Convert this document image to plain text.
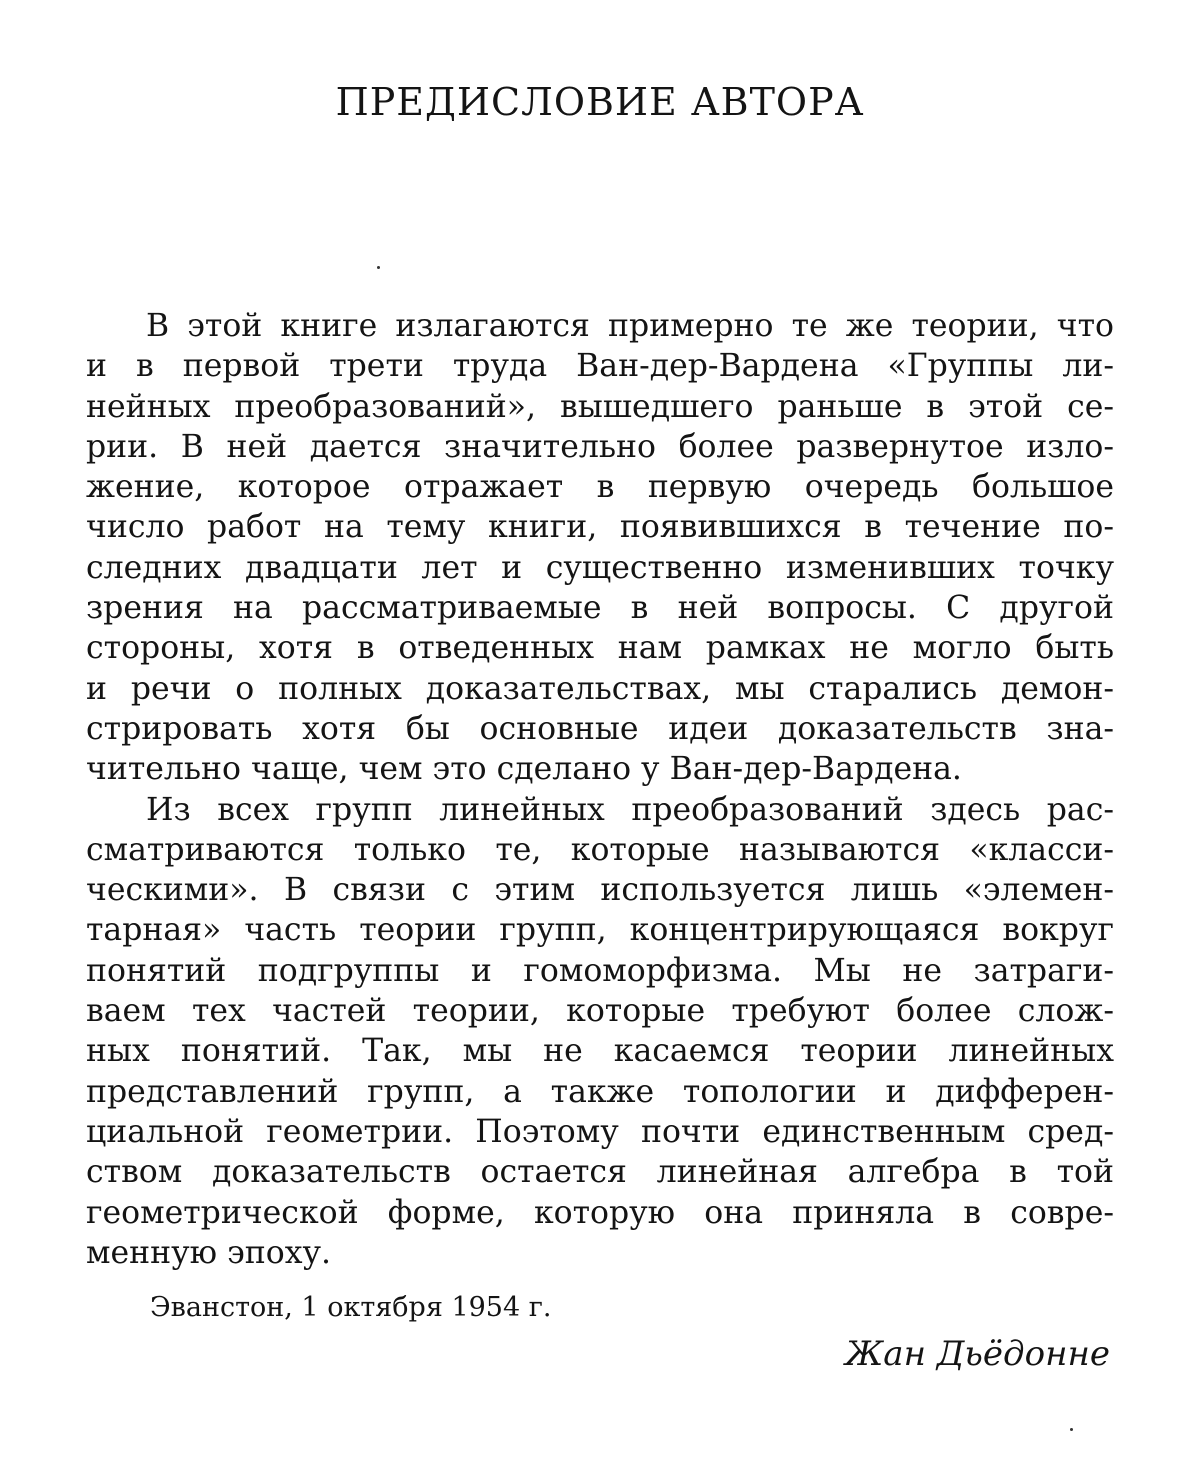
ПРЕДИСЛОВИЕ АВТОРА
В этой книге излагаются примерно те же теории, что
и в первой трети труда Ван-дер-Вардена «Группы ли-
нейных преобразований», вышедшего раньше в этой се-
рии. В ней дается значительно более развернутое изло-
жение, которое отражает в первую очередь большое
число работ на тему книги, появившихся в течение по-
следних двадцати лет и существенно изменивших точку
зрения на рассматриваемые в ней вопросы. С другой
стороны, хотя в отведенных нам рамках не могло быть
и речи о полных доказательствах, мы старались демон-
стрировать хотя бы основные идеи доказательств зна-
чительно чаще, чем это сделано у Ван-дер-Вардена.
Из всех групп линейных преобразований здесь рас-
сматриваются только те, которые называются «класси-
ческими». В связи с этим используется лишь «элемен-
тарная» часть теории групп, концентрирующаяся вокруг
понятий подгруппы и гомоморфизма. Мы не затраги-
ваем тех частей теории, которые требуют более слож-
ных понятий. Так, мы не касаемся теории линейных
представлений групп, а также топологии и дифферен-
циальной геометрии. Поэтому почти единственным сред-
ством доказательств остается линейная алгебра в той
геометрической форме, которую она приняла в совре-
менную эпоху.
Эванстон, 1 октября 1954 г.
Жан Дьёдонне
